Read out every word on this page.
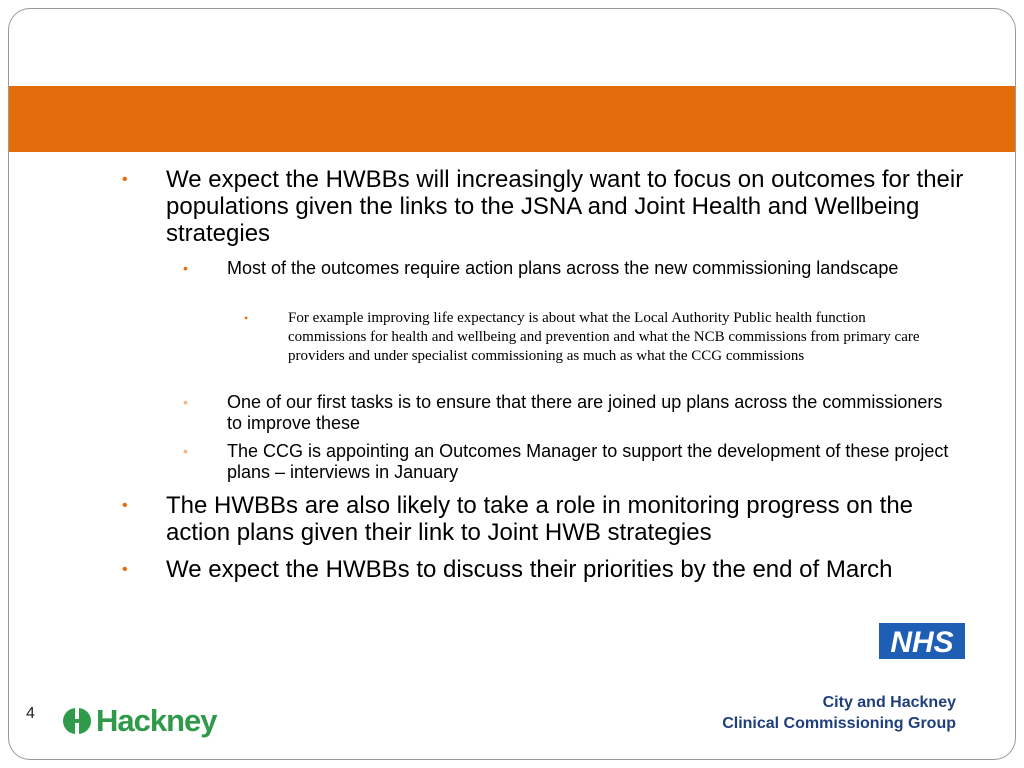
• We expect the HWBBs will increasingly want to focus on outcomes for their populations given the links to the JSNA and Joint Health and Wellbeing strategies
• Most of the outcomes require action plans across the new commissioning landscape
•	For example improving life expectancy is about what the Local Authority Public health function commissions for health and wellbeing and prevention and what the NCB commissions from primary care providers and under specialist commissioning as much as what the CCG commissions
• One of our first tasks is to ensure that there are joined up plans across the commissioners to improve these
• The CCG is appointing an Outcomes Manager to support the development of these project plans – interviews in January
• The HWBBs are also likely to take a role in monitoring progress on the action plans given their link to Joint HWB strategies
• We expect the HWBBs to discuss their priorities by the end of March
NHS
City and Hackney
Clinical Commissioning Group
4 Hackney
